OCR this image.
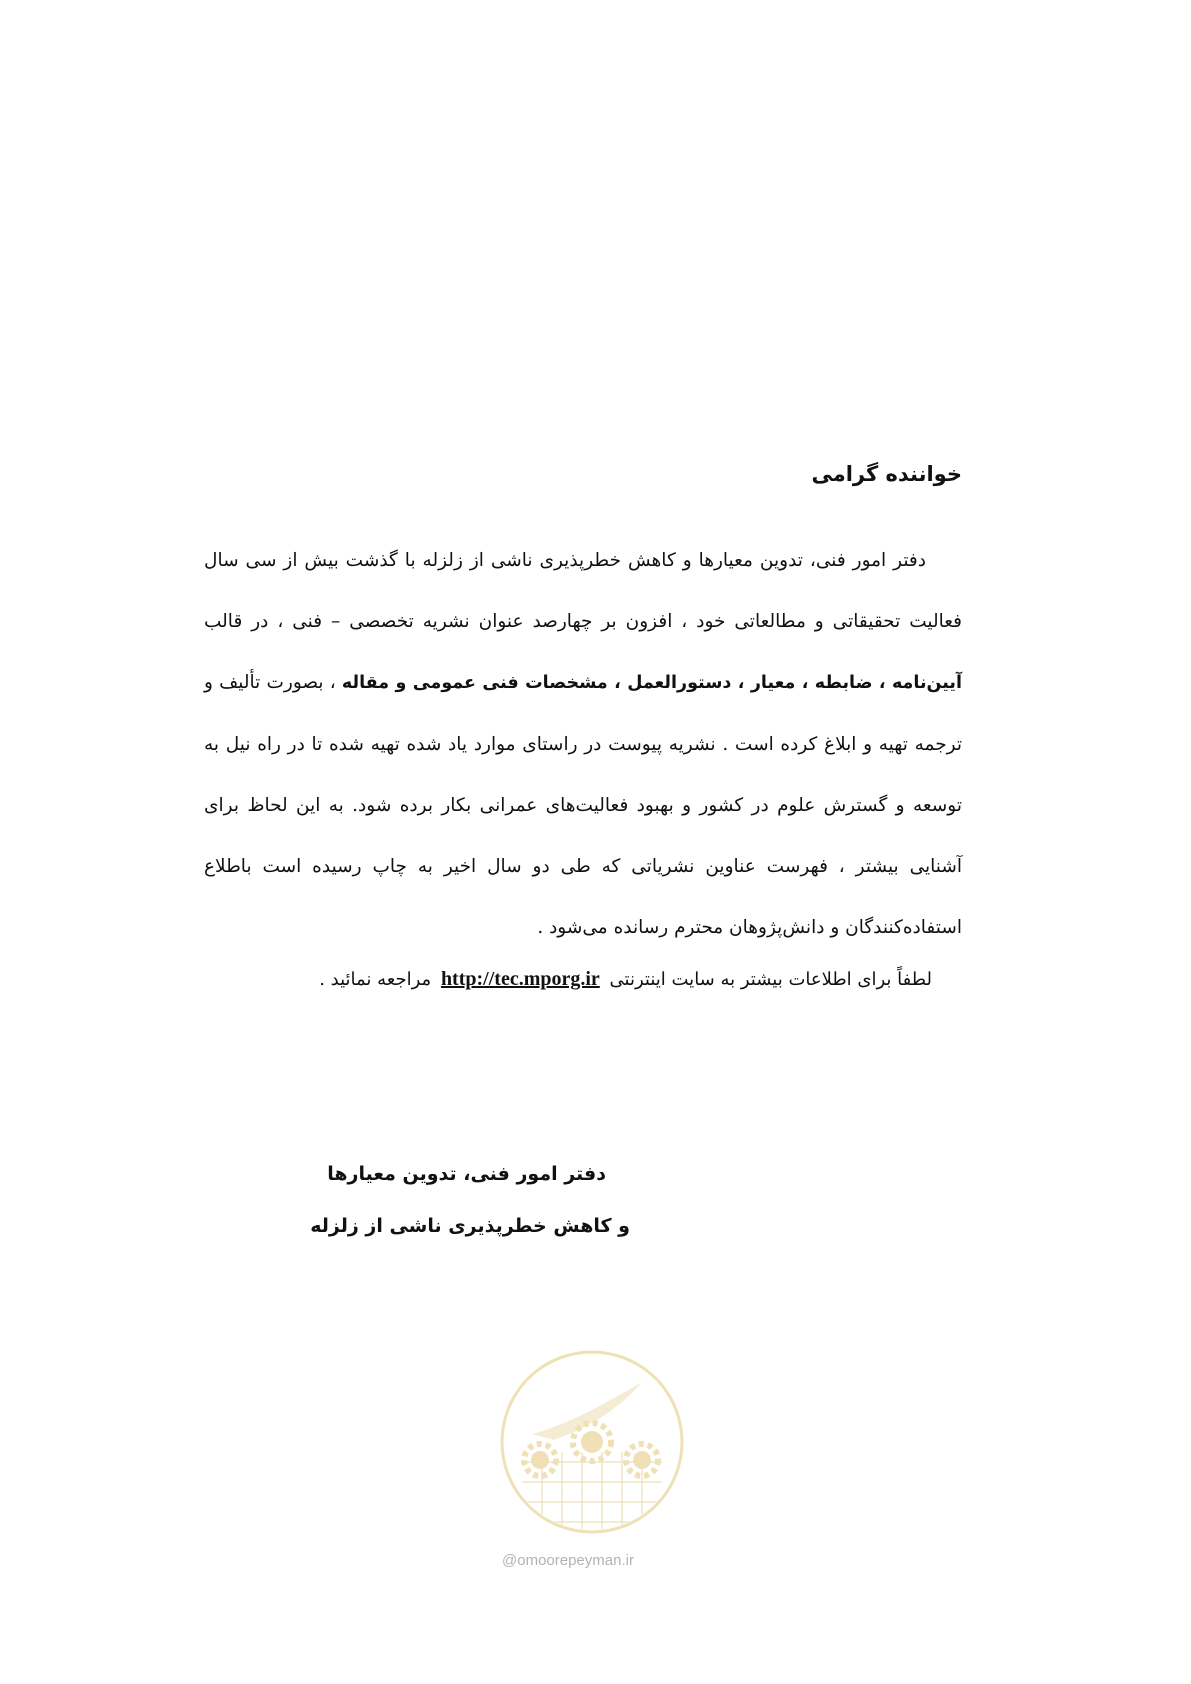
خواننده گرامی

دفتر امور فنی، تدوین معیارها و کاهش خطرپذیری ناشی از زلزله با گذشت بیش از سی سال فعالیت تحقیقاتی و مطالعاتی خود ، افزون بر چهارصد عنوان نشریه تخصصی – فنی ، در قالب آیین‌نامه ، ضابطه ، معیار ، دستورالعمل ، مشخصات فنی عمومی و مقاله ، بصورت تألیف و ترجمه تهیه و ابلاغ کرده است . نشریه پیوست در راستای موارد یاد شده تهیه شده تا در راه نیل به توسعه و گسترش علوم در کشور و بهبود فعالیت‌های عمرانی بکار برده شود. به این لحاظ برای آشنایی بیشتر ، فهرست عناوین نشریاتی که طی دو سال اخیر به چاپ رسیده است باطلاع استفاده‌کنندگان و دانش‌پژوهان محترم رسانده می‌شود .

لطفاً برای اطلاعات بیشتر به سایت اینترنتی http://tec.mporg.ir مراجعه نمائید .
دفتر امور فنی، تدوین معیارها
و کاهش خطرپذیری ناشی از زلزله
@omoorepeyman.ir
